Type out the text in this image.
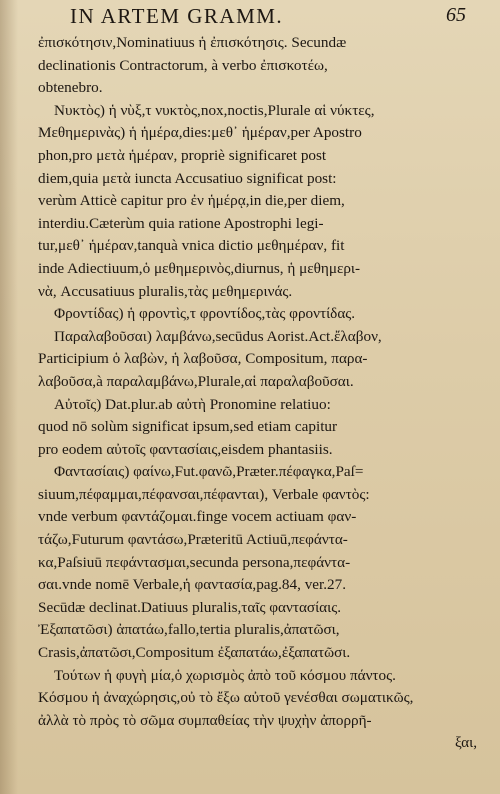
IN ARTEM GRAMM.	65
ἐπισκότησιν,Nominatiuus ἡ ἐπισκότησις. Secundæ
declinationis Contractorum, à verbo ἐπισκοτέω,
obtenebro.
Νυκτὸς) ἡ νὺξ,τ νυκτὸς,nox,noctis,Plurale αἱ νύκτες,
Μεθημερινὰς) ἡ ἡμέρα,dies:μεθ᾽ ἡμέραν,per Apostro
phon,pro μετὰ ἡμέραν, propriè significaret post
diem,quia μετὰ iuncta Accusatiuo significat post:
verùm Atticè capitur pro ἐν ἡμέρᾳ,in die,per diem,
interdiu.Cæterùm quia ratione Apostrophi legi-
tur,μεθ᾽ ἡμέραν,tanquà vnica dictio μεθημέραν, fit
inde Adiectiuum,ὁ μεθημερινὸς,diurnus, ἡ μεθημερι-
νὰ, Accusatiuus pluralis,τὰς μεθημερινάς.
Φροντίδας) ἡ φροντὶς,τ φροντίδος,τὰς φροντίδας.
Παραλαβοῦσαι) λαμβάνω,secūdus Aorist.Act.ἔλαβον,
Participium ὁ λαβὼν, ἡ λαβοῦσα, Compositum, παρα-
λαβοῦσα,à παραλαμβάνω,Plurale,αἱ παραλαβοῦσαι.
Αὐτοῖς) Dat.plur.ab αὐτὴ Pronomine relatiuo:
quod nō solùm significat ipsum,sed etiam capitur
pro eodem αὐτοῖς φαντασίαις,eisdem phantasiis.
Φαντασίαις) φαίνω,Fut.φανῶ,Præter.πέφαγκα,Paſ=
siuum,πέφαμμαι,πέφανσαι,πέφανται), Verbale φαντὸς:
vnde verbum φαντάζομαι.finge vocem actiuam φαν-
τάζω,Futurum φαντάσω,Præteritū Actiuū,πεφάντα-
κα,Paſsiuū πεφάντασμαι,secunda persona,πεφάντα-
σαι.vnde nomē Verbale,ἡ φαντασία,pag.84, ver.27.
Secūdæ declinat.Datiuus pluralis,ταῖς φαντασίαις.
Ἐξαπατῶσι) ἀπατάω,fallo,tertia pluralis,ἀπατῶσι,
Crasis,ἀπατῶσι,Compositum ἐξαπατάω,ἐξαπατῶσι.
Τούτων ἡ φυγὴ μία,ὁ χωρισμὸς ἀπὸ τοῦ κόσμου πάντος.
Κόσμου ἡ ἀναχώρησις,οὐ τὸ ἔξω αὐτοῦ γενέσθαι σωματικῶς,
ἀλλὰ τὸ πρὸς τὸ σῶμα συμπαθείας τὴν ψυχὴν ἀπορρῆ-
ξαι,
